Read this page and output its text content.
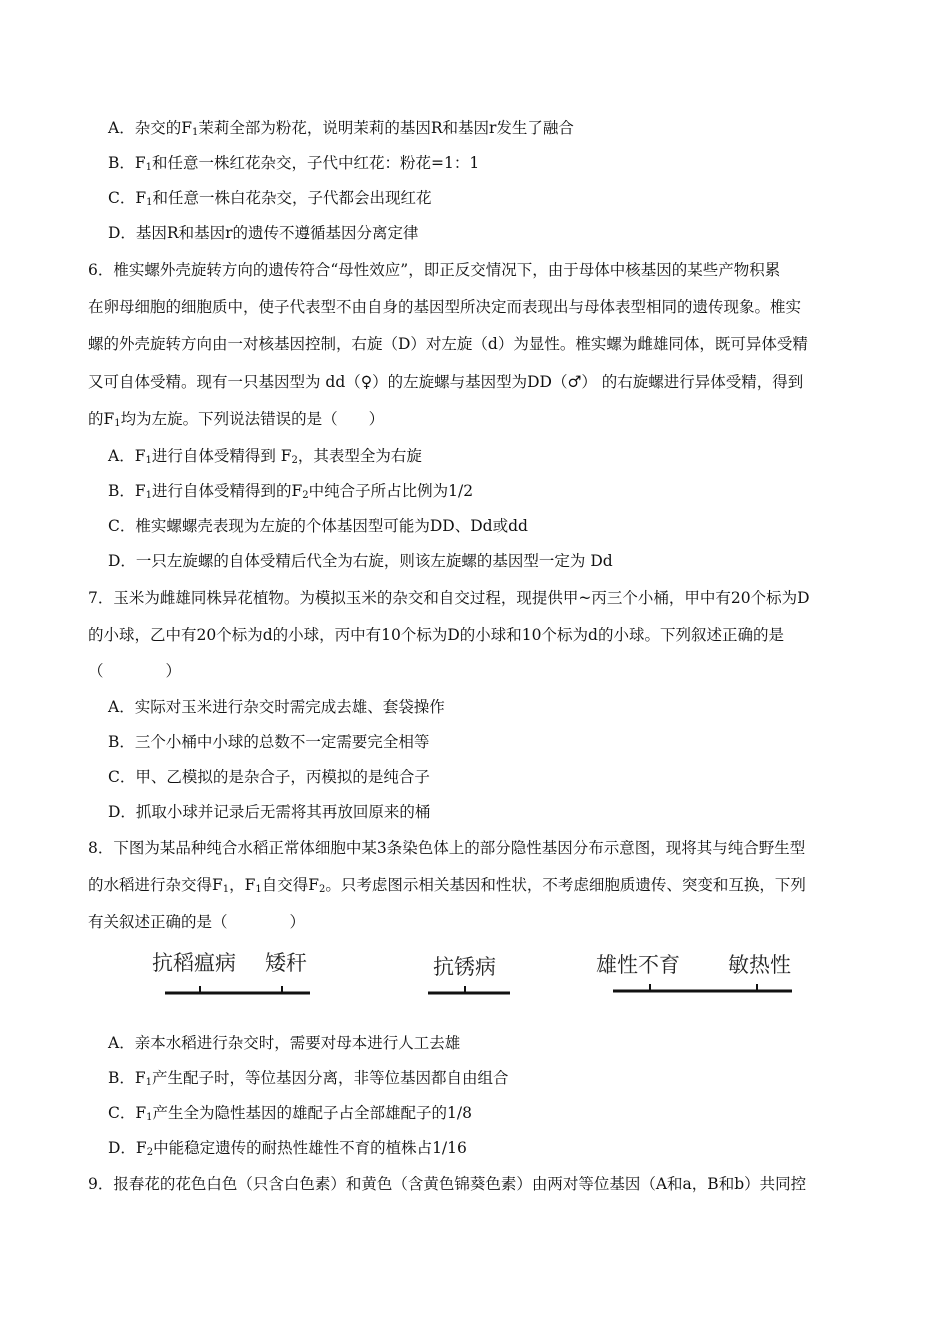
A．杂交的$F_1$茉莉全部为粉花，说明茉莉的基因R和基因r发生了融合
B．$F_1$和任意一株红花杂交，子代中红花：粉花=1：1
C．$F_1$和任意一株白花杂交，子代都会出现红花
D．基因R和基因r的遗传不遵循基因分离定律
6．椎实螺外壳旋转方向的遗传符合“母性效应”，即正反交情况下，由于母体中核基因的某些产物积累
在卵母细胞的细胞质中，使子代表型不由自身的基因型所决定而表现出与母体表型相同的遗传现象。椎实
螺的外壳旋转方向由一对核基因控制，右旋（D）对左旋（d）为显性。椎实螺为雌雄同体，既可异体受精
又可自体受精。现有一只基因型为 dd（♀）的左旋螺与基因型为DD（♂） 的右旋螺进行异体受精，得到
的$F_1$均为左旋。下列说法错误的是（　　）
A．$F_1$进行自体受精得到 $F_2$，其表型全为右旋
B．$F_1$进行自体受精得到的$F_2$中纯合子所占比例为1/2
C．椎实螺螺壳表现为左旋的个体基因型可能为DD、Dd或dd
D．一只左旋螺的自体受精后代全为右旋，则该左旋螺的基因型一定为 Dd
7．玉米为雌雄同株异花植物。为模拟玉米的杂交和自交过程，现提供甲~丙三个小桶，甲中有20个标为D
的小球，乙中有20个标为d的小球，丙中有10个标为D的小球和10个标为d的小球。下列叙述正确的是
（　　　　）
A．实际对玉米进行杂交时需完成去雄、套袋操作
B．三个小桶中小球的总数不一定需要完全相等
C．甲、乙模拟的是杂合子，丙模拟的是纯合子
D．抓取小球并记录后无需将其再放回原来的桶
8．下图为某品种纯合水稻正常体细胞中某3条染色体上的部分隐性基因分布示意图，现将其与纯合野生型
的水稻进行杂交得$F_1$，$F_1$自交得$F_2$。只考虑图示相关基因和性状，不考虑细胞质遗传、突变和互换，下列
有关叙述正确的是（　　　　）
抗稻瘟病 矮秆	抗锈病	雄性不育 敏热性
A．亲本水稻进行杂交时，需要对母本进行人工去雄
B．$F_1$产生配子时，等位基因分离，非等位基因都自由组合
C．$F_1$产生全为隐性基因的雄配子占全部雄配子的1/8
D．$F_2$中能稳定遗传的耐热性雄性不育的植株占1/16
9．报春花的花色白色（只含白色素）和黄色（含黄色锦葵色素）由两对等位基因（A和a，B和b）共同控
